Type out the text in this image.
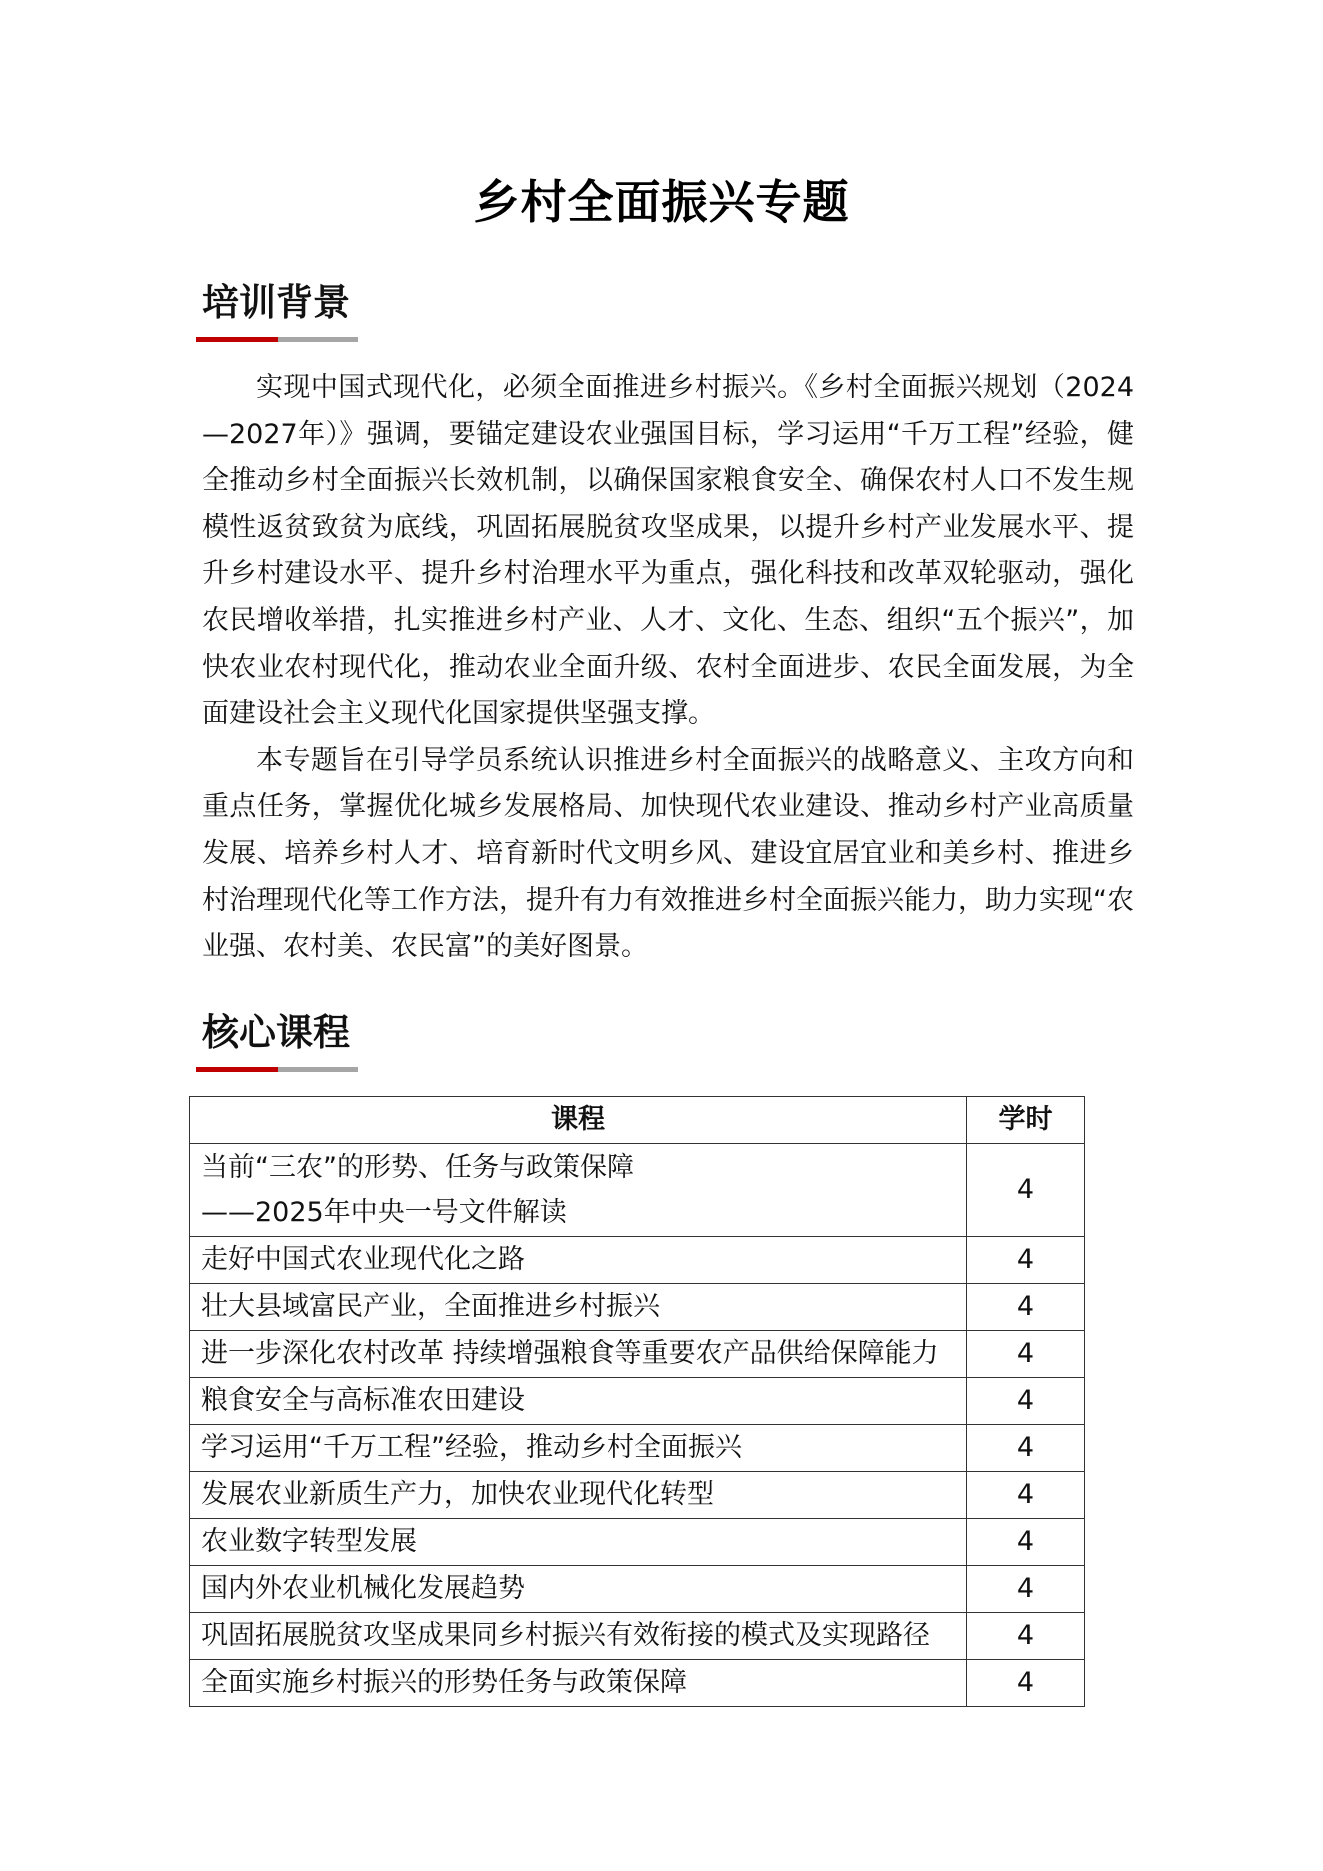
乡村全面振兴专题
培训背景

实现中国式现代化，必须全面推进乡村振兴。《乡村全面振兴规划（2024—2027年）》强调，要锚定建设农业强国目标，学习运用“千万工程”经验，健全推动乡村全面振兴长效机制，以确保国家粮食安全、确保农村人口不发生规模性返贫致贫为底线，巩固拓展脱贫攻坚成果，以提升乡村产业发展水平、提升乡村建设水平、提升乡村治理水平为重点，强化科技和改革双轮驱动，强化农民增收举措，扎实推进乡村产业、人才、文化、生态、组织“五个振兴”，加快农业农村现代化，推动农业全面升级、农村全面进步、农民全面发展，为全面建设社会主义现代化国家提供坚强支撑。

本专题旨在引导学员系统认识推进乡村全面振兴的战略意义、主攻方向和重点任务，掌握优化城乡发展格局、加快现代农业建设、推动乡村产业高质量发展、培养乡村人才、培育新时代文明乡风、建设宜居宜业和美乡村、推进乡村治理现代化等工作方法，提升有力有效推进乡村全面振兴能力，助力实现“农业强、农村美、农民富”的美好图景。

核心课程
课程	学时

当前“三农”的形势、任务与政策保障
——2025年中央一号文件解读	4
走好中国式农业现代化之路	4
壮大县域富民产业，全面推进乡村振兴	4
进一步深化农村改革 持续增强粮食等重要农产品供给保障能力	4
粮食安全与高标准农田建设	4
学习运用“千万工程”经验，推动乡村全面振兴	4
发展农业新质生产力，加快农业现代化转型	4
农业数字转型发展	4
国内外农业机械化发展趋势	4
巩固拓展脱贫攻坚成果同乡村振兴有效衔接的模式及实现路径	4
全面实施乡村振兴的形势任务与政策保障	4
